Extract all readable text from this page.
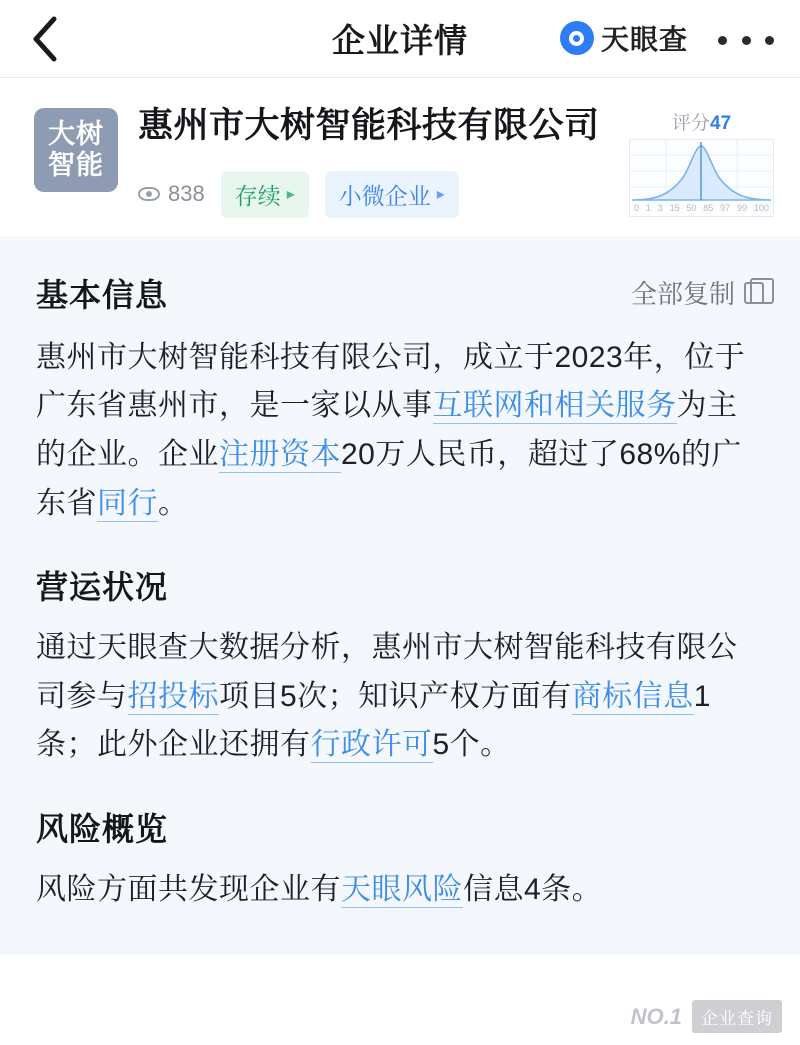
企业详情	天眼查
大树
智能
惠州市大树智能科技有限公司
838 存续 ▸ 小微企业 ▸
评分47
0 1 3 15 50 85 97 99 100
基本信息	全部复制

惠州市大树智能科技有限公司，成立于2023年，位于广东省惠州市，是一家以从事互联网和相关服务为主的企业。企业注册资本20万人民币，超过了68%的广东省同行。

营运状况

通过天眼查大数据分析，惠州市大树智能科技有限公司参与招投标项目5次；知识产权方面有商标信息1条；此外企业还拥有行政许可5个。

风险概览

风险方面共发现企业有天眼风险信息4条。

NO.1	企业查询
